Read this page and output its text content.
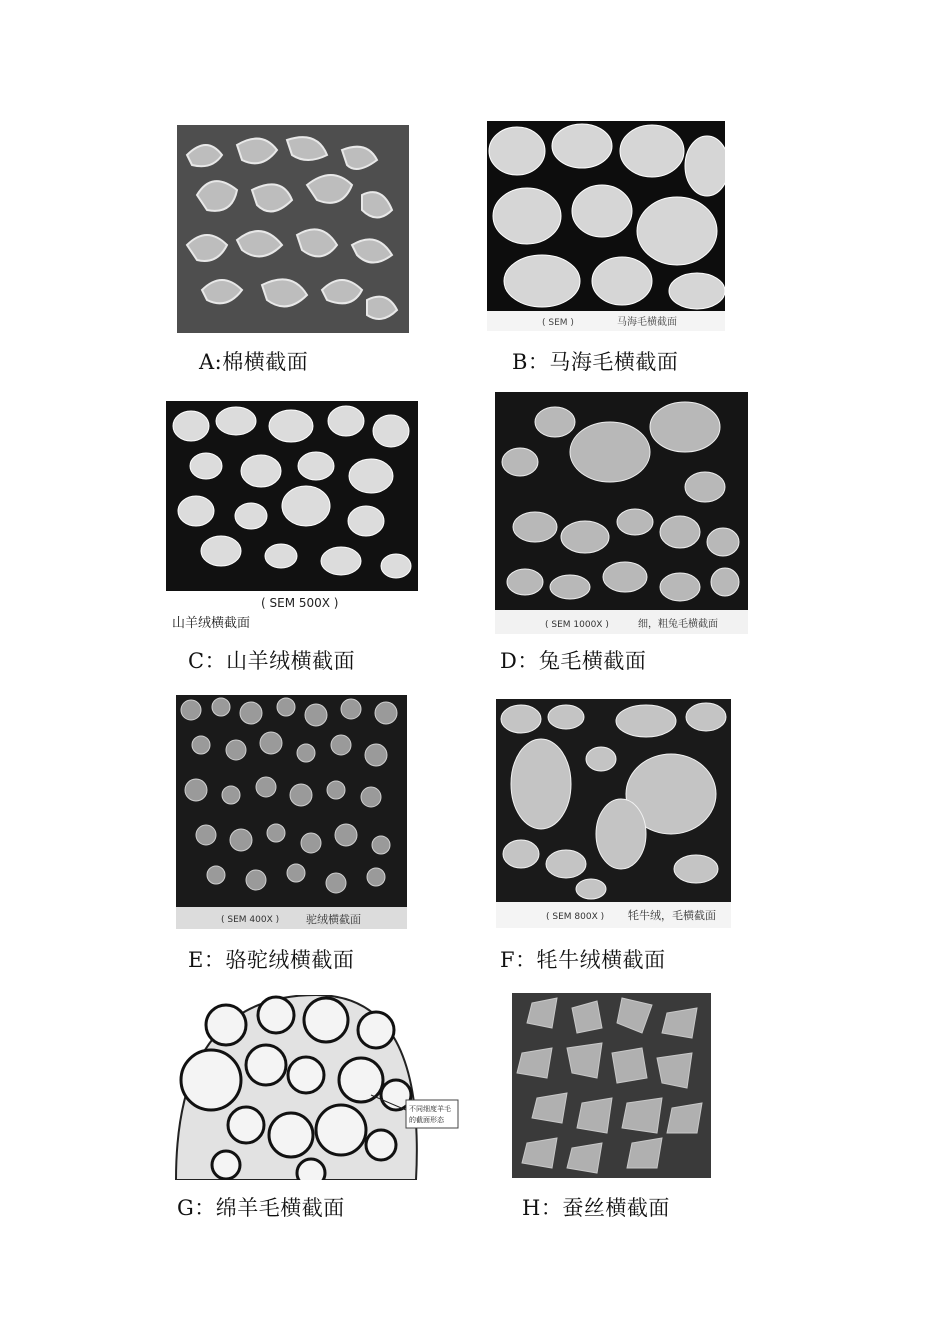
( SEM )	马海毛横截面
( SEM 500X )
山羊绒横截面	( SEM 1000X )	细，粗兔毛横截面
( SEM 400X ) 驼绒横截面	( SEM 800X ) 牦牛绒，毛横截面
不同细度羊毛
的截面形态
A:棉横截面	B：马海毛横截面
C：山羊绒横截面	D：兔毛横截面
E：骆驼绒横截面	F：牦牛绒横截面
G：绵羊毛横截面	H：蚕丝横截面
